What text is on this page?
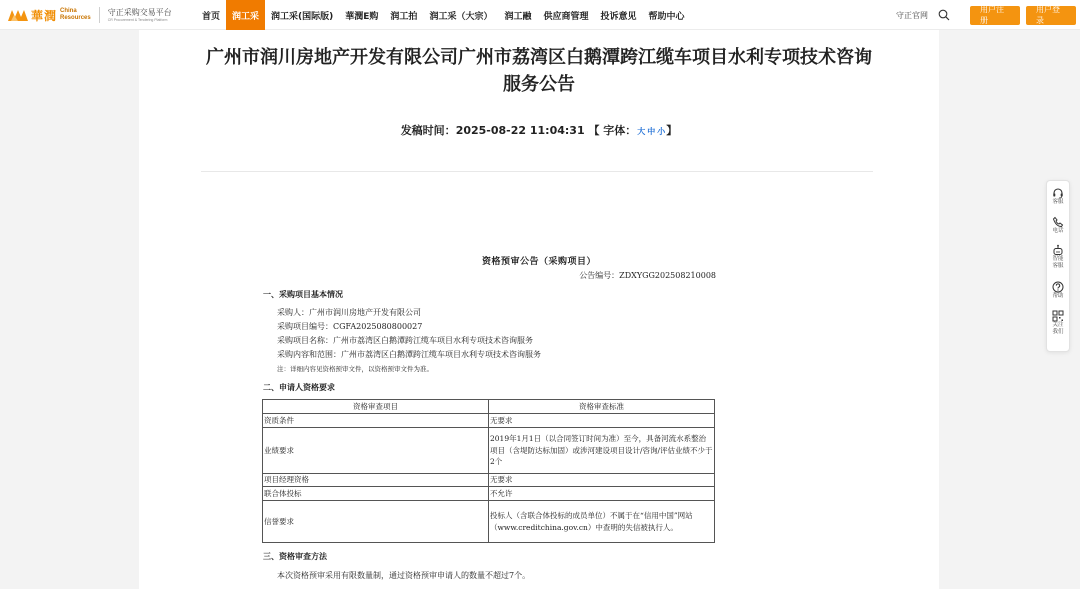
華潤 China
Resources
守正采购交易平台
CR Procurement & Tendering Platform	首页	润工采	润工采(国际版)	華潤E购	润工拍	润工采（大宗）	润工融	供应商管理	投诉意见	帮助中心	守正官网
用户注册
用户登录
广州市润川房地产开发有限公司广州市荔湾区白鹅潭跨江缆车项目水利专项技术咨询服务公告
发稿时间：2025-08-22 11:04:31 【 字体：大 中 小】
资格预审公告（采购项目）
公告编号：ZDXYGG202508210008
一、采购项目基本情况
采购人：广州市润川房地产开发有限公司
采购项目编号：CGFA2025080800027
采购项目名称：广州市荔湾区白鹅潭跨江缆车项目水利专项技术咨询服务
采购内容和范围：广州市荔湾区白鹅潭跨江缆车项目水利专项技术咨询服务
注：详细内容见资格预审文件，以资格预审文件为准。
二、申请人资格要求
资格审查项目	资格审查标准
资质条件	无要求
业绩要求	2019年1月1日（以合同签订时间为准）至今，具备河流水系整治项目（含堤防达标加固）或涉河建设项目设计/咨询/评估业绩不少于2个
项目经理资格	无要求
联合体投标	不允许
信誉要求	投标人（含联合体投标的成员单位）不属于在“信用中国”网站（www.creditchina.gov.cn）中查明的失信被执行人。
三、资格审查方法
本次资格预审采用有限数量制，通过资格预审申请人的数量不超过7个。
客服
电话
智能
客服
帮助
关注
我们
